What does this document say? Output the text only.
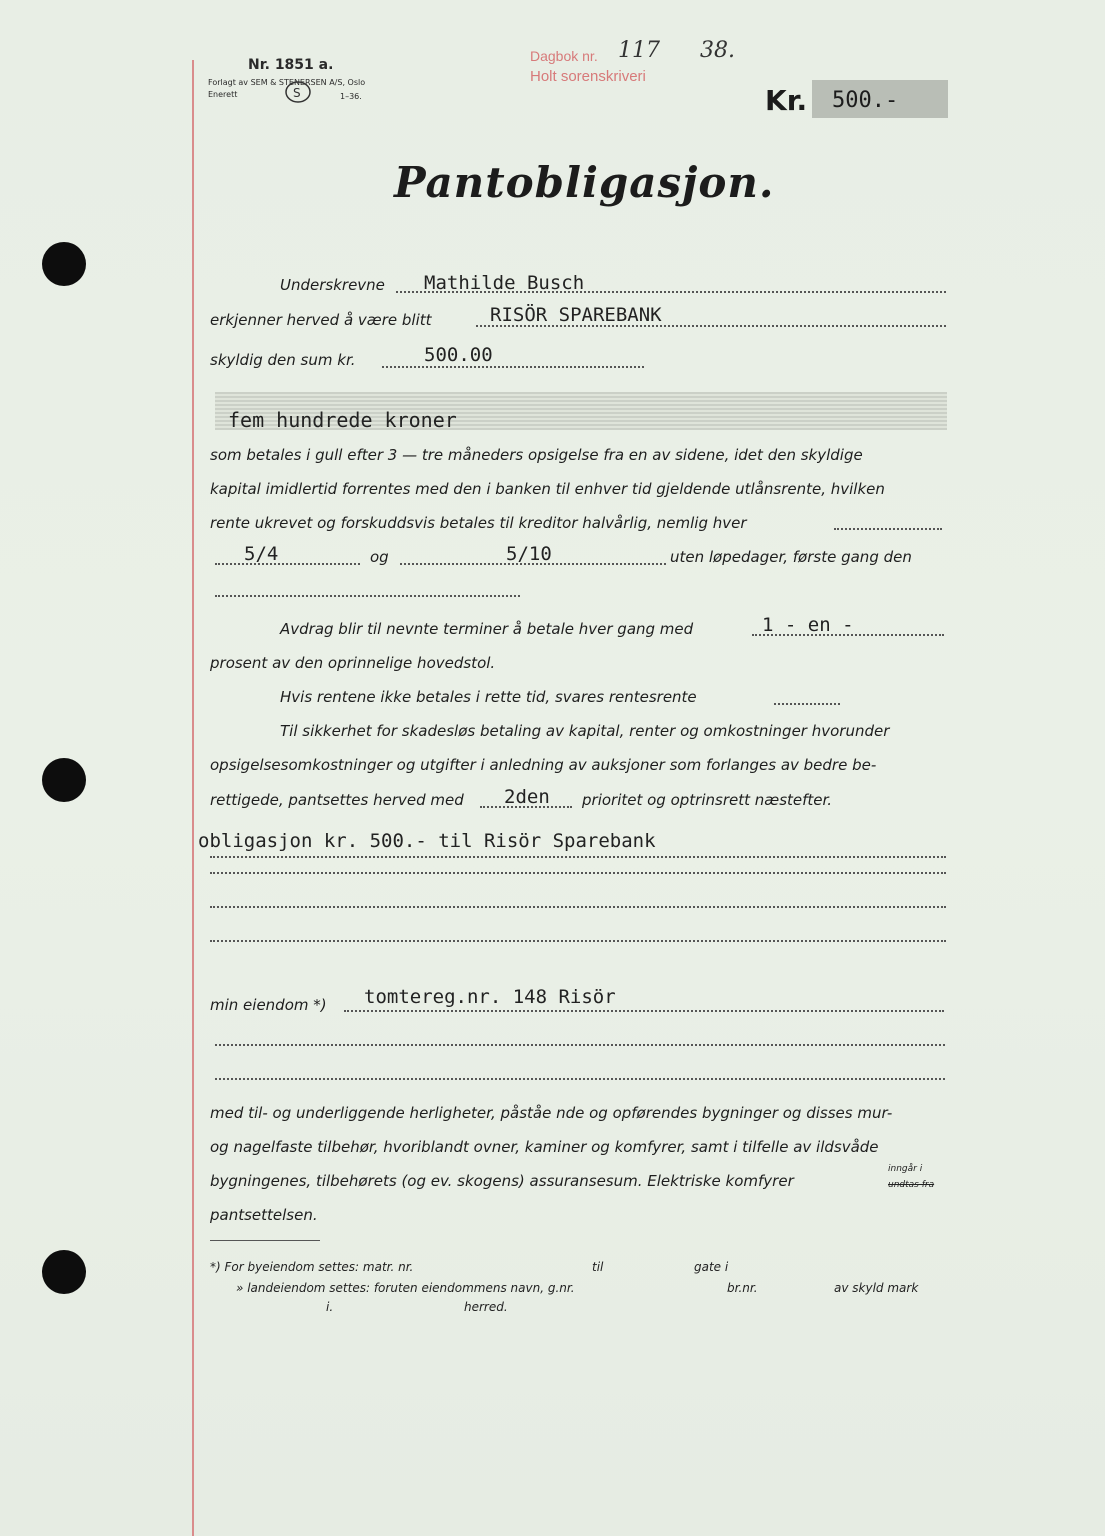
Nr. 1851 a.
Forlagt av SEM & STENERSEN A/S, Oslo
Enerett	S	1–36.
Dagbok nr. 117 38.
Holt sorenskriveri
Kr. 500.-
Pantobligasjon.
Underskrevne Mathilde Busch
erkjenner herved å være blitt	RISÖR SPAREBANK
skyldig den sum kr.	500.00
fem hundrede kroner
som betales i gull efter 3 — tre måneders opsigelse fra en av sidene, idet den skyldige
kapital imidlertid forrentes med den i banken til enhver tid gjeldende utlånsrente, hvilken
rente ukrevet og forskuddsvis betales til kreditor halvårlig, nemlig hver
5/4	og	5/10	uten løpedager, første gang den
Avdrag blir til nevnte terminer å betale hver gang med	1 - en -
prosent av den oprinnelige hovedstol.
Hvis rentene ikke betales i rette tid, svares rentesrente
Til sikkerhet for skadesløs betaling av kapital, renter og omkostninger hvorunder
opsigelsesomkostninger og utgifter i anledning av auksjoner som forlanges av bedre be-
rettigede, pantsettes herved med 2den prioritet og optrinsrett næstefter.
obligasjon kr. 500.- til Risör Sparebank
min eiendom *) tomtereg.nr. 148 Risör
med til- og underliggende herligheter, påståe nde og opførendes bygninger og disses mur-
og nagelfaste tilbehør, hvoriblandt ovner, kaminer og komfyrer, samt i tilfelle av ildsvåde
bygningenes, tilbehørets (og ev. skogens) assuransesum. Elektriske komfyrer
inngår i
undtas fra
pantsettelsen.
*) For byeiendom settes: matr. nr.	til	gate i
» landeiendom settes: foruten eiendommens navn, g.nr.	br.nr.	av skyld mark
i.	herred.
